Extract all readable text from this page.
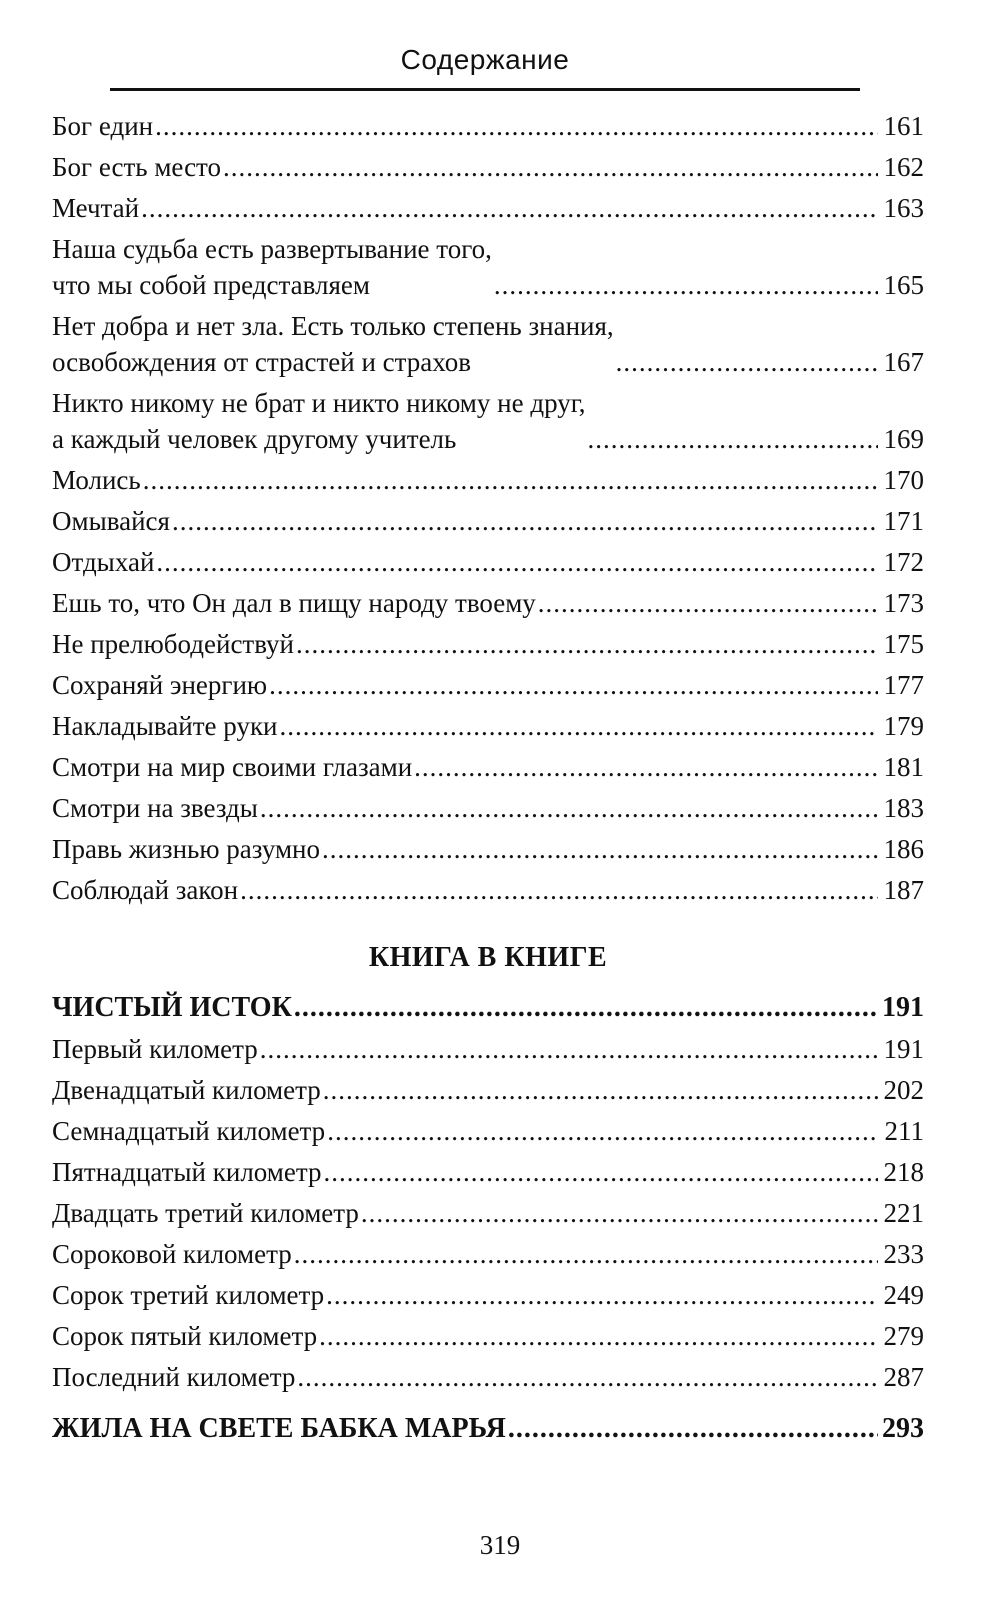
Содержание
Бог един .....	161
Бог есть место .....	162
Мечтай .....	163
Наша судьба есть развертывание того,
что мы собой представляем .....	165
Нет добра и нет зла. Есть только степень знания,
освобождения от страстей и страхов .....	167
Никто никому не брат и никто никому не друг,
а каждый человек другому учитель .....	169
Молись .....	170
Омывайся .....	171
Отдыхай .....	172
Ешь то, что Он дал в пищу народу твоему .....	173
Не прелюбодействуй .....	175
Сохраняй энергию .....	177
Накладывайте руки .....	179
Смотри на мир своими глазами .....	181
Смотри на звезды .....	183
Правь жизнью разумно .....	186
Соблюдай закон .....	187
КНИГА В КНИГЕ
ЧИСТЫЙ ИСТОК .....	191
Первый километр .....	191
Двенадцатый километр .....	202
Семнадцатый километр .....	211
Пятнадцатый километр .....	218
Двадцать третий километр .....	221
Сороковой километр .....	233
Сорок третий километр .....	249
Сорок пятый километр .....	279
Последний километр .....	287
ЖИЛА НА СВЕТЕ БАБКА МАРЬЯ .....	293
319
